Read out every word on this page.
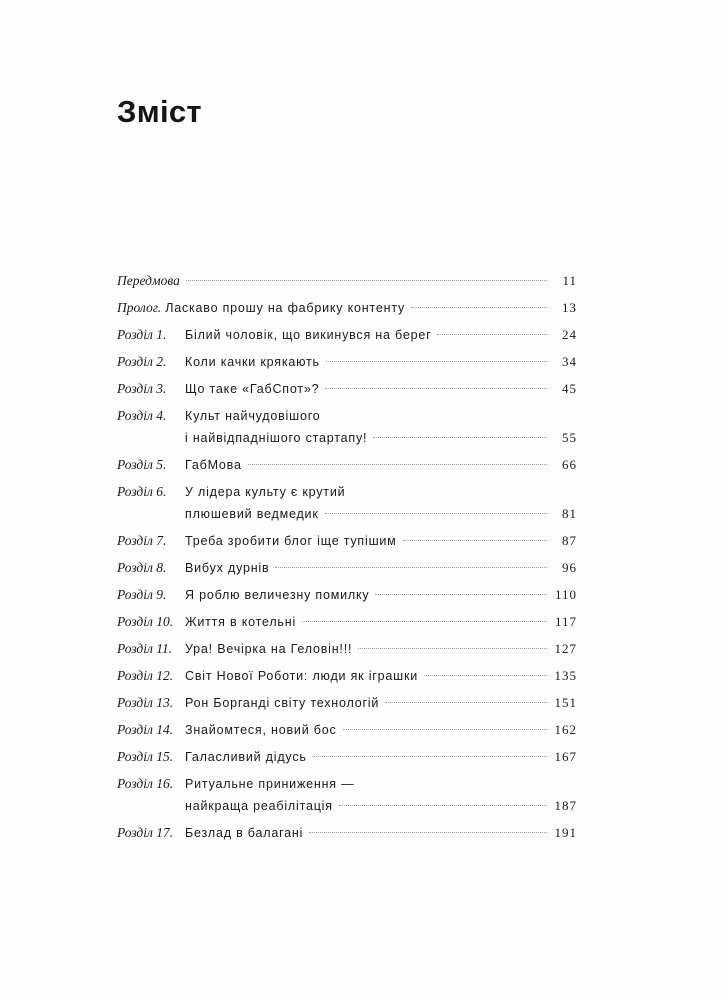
Зміст
Передмова	11
Пролог. Ласкаво прошу на фабрику контенту	13
Розділ 1.	Білий чоловік, що викинувся на берег	24
Розділ 2.	Коли качки крякають	34
Розділ 3.	Що таке «ГабСпот»?	45
Розділ 4.	Культ найчудовішого
і найвідпаднішого стартапу!	55
Розділ 5.	ГабМова	66
Розділ 6.	У лідера культу є крутий
плюшевий ведмедик	81
Розділ 7.	Треба зробити блог іще тупішим	87
Розділ 8.	Вибух дурнів	96
Розділ 9.	Я роблю величезну помилку	110
Розділ 10. Життя в котельні	117
Розділ 11.	Ура! Вечірка на Геловін!!!	127
Розділ 12. Світ Нової Роботи: люди як іграшки	135
Розділ 13. Рон Борганді світу технологій	151
Розділ 14. Знайомтеся, новий бос	162
Розділ 15. Галасливий дідусь	167
Розділ 16. Ритуальне приниження —
найкраща реабілітація	187
Розділ 17. Безлад в балагані	191
